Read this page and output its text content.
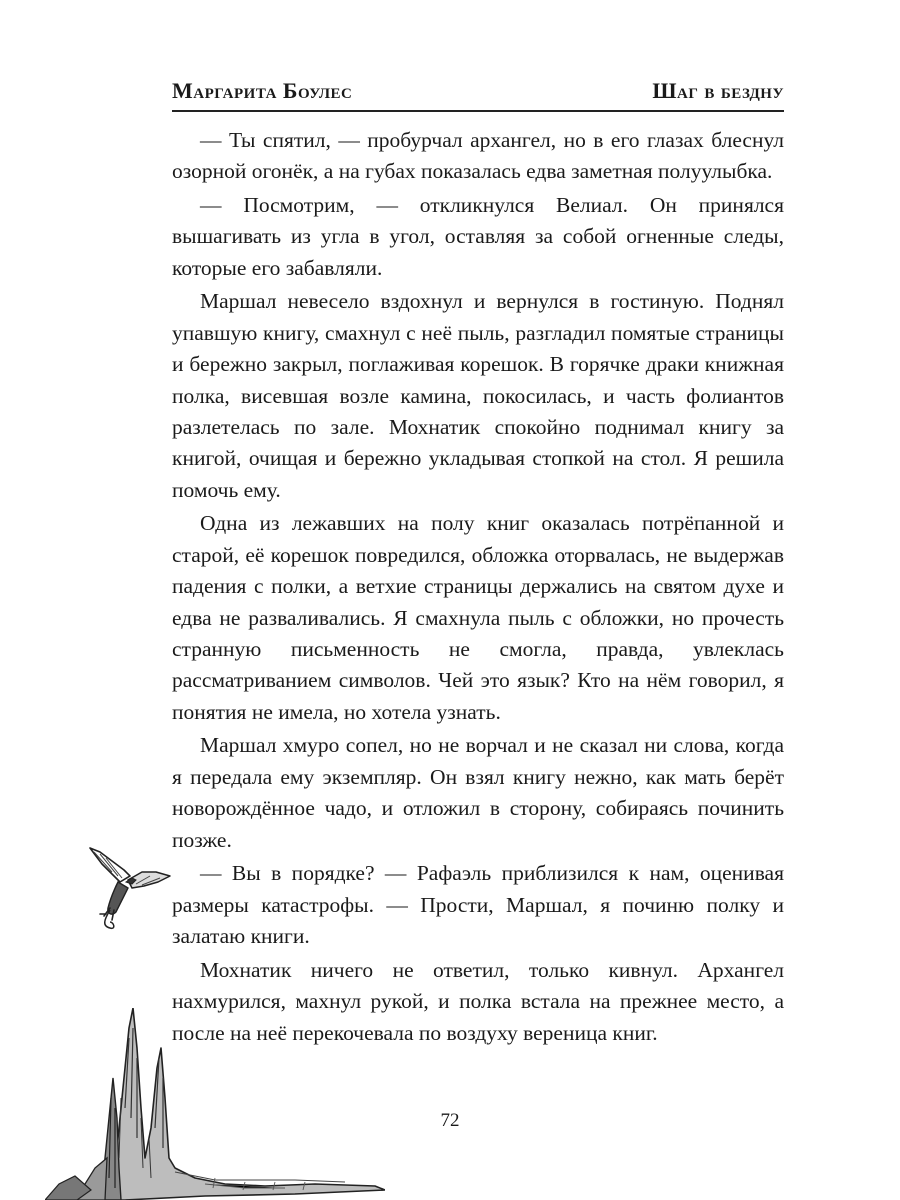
Маргарита Боулес	Шаг в бездну

— Ты спятил, — пробурчал архангел, но в его глазах блеснул озорной огонёк, а на губах показалась едва заметная полуулыбка.

— Посмотрим, — откликнулся Велиал. Он принялся вышагивать из угла в угол, оставляя за собой огненные следы, которые его забавляли.

Маршал невесело вздохнул и вернулся в гостиную. Поднял упавшую книгу, смахнул с неё пыль, разгладил помятые страницы и бережно закрыл, поглаживая корешок. В горячке драки книжная полка, висевшая возле камина, покосилась, и часть фолиантов разлетелась по зале. Мохнатик спокойно поднимал книгу за книгой, очищая и бережно укладывая стопкой на стол. Я решила помочь ему.

Одна из лежавших на полу книг оказалась потрёпанной и старой, её корешок повредился, обложка оторвалась, не выдержав падения с полки, а ветхие страницы держались на святом духе и едва не разваливались. Я смахнула пыль с обложки, но прочесть странную письменность не смогла, правда, увлеклась рассматриванием символов. Чей это язык? Кто на нём говорил, я понятия не имела, но хотела узнать.

Маршал хмуро сопел, но не ворчал и не сказал ни слова, когда я передала ему экземпляр. Он взял книгу нежно, как мать берёт новорождённое чадо, и отложил в сторону, собираясь починить позже.

— Вы в порядке? — Рафаэль приблизился к нам, оценивая размеры катастрофы. — Прости, Маршал, я починю полку и залатаю книги.

Мохнатик ничего не ответил, только кивнул. Архангел нахмурился, махнул рукой, и полка встала на прежнее место, а после на неё перекочевала по воздуху вереница книг.

72
